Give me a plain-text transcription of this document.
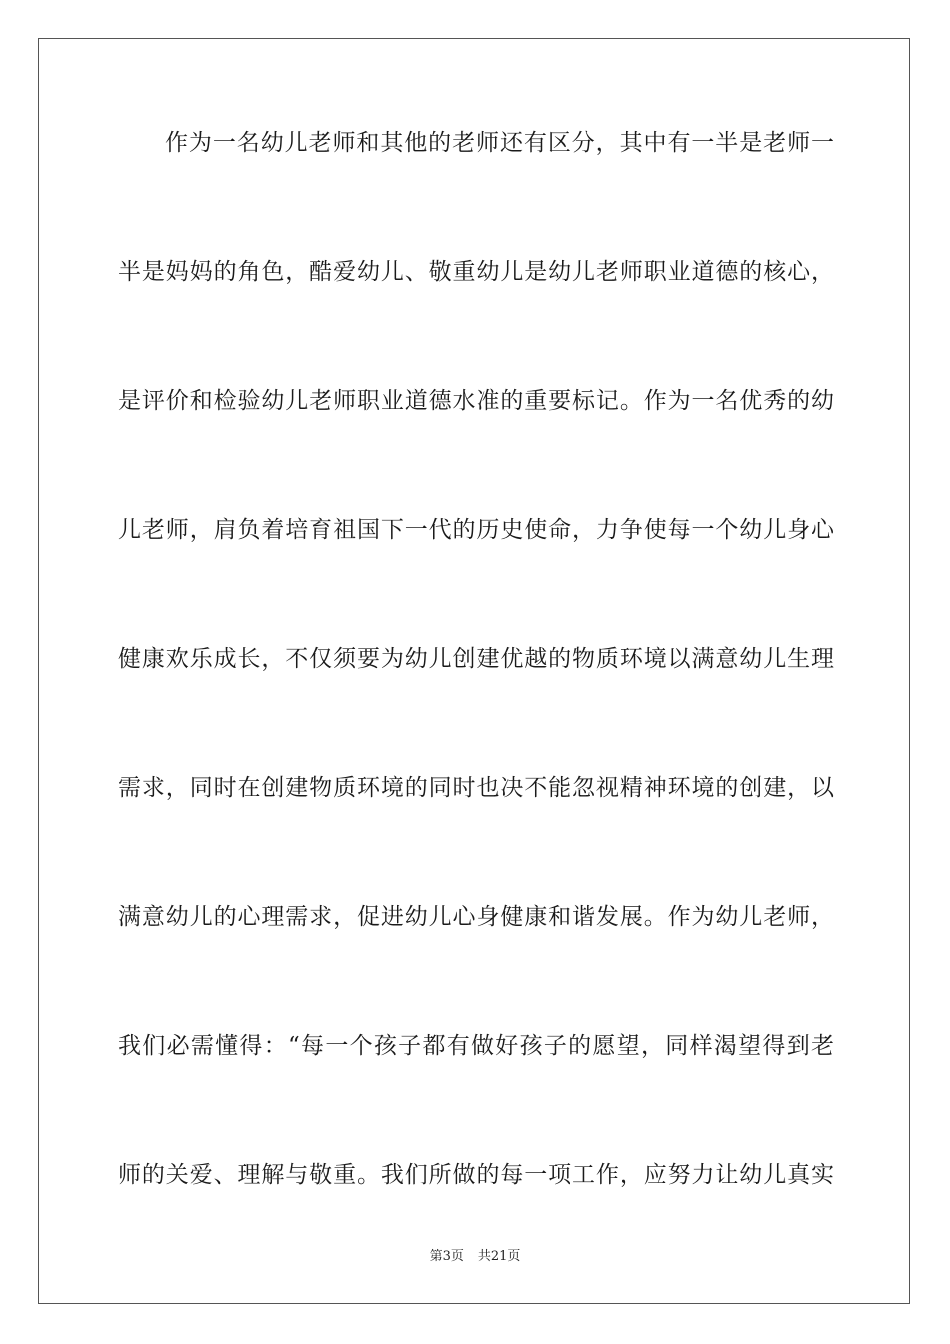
作为一名幼儿老师和其他的老师还有区分，其中有一半是老师一
半是妈妈的角色，酷爱幼儿、敬重幼儿是幼儿老师职业道德的核心，
是评价和检验幼儿老师职业道德水准的重要标记。作为一名优秀的幼
儿老师，肩负着培育祖国下一代的历史使命，力争使每一个幼儿身心
健康欢乐成长，不仅须要为幼儿创建优越的物质环境以满意幼儿生理
需求，同时在创建物质环境的同时也决不能忽视精神环境的创建，以
满意幼儿的心理需求，促进幼儿心身健康和谐发展。作为幼儿老师，
我们必需懂得：“每一个孩子都有做好孩子的愿望，同样渴望得到老
师的关爱、理解与敬重。我们所做的每一项工作，应努力让幼儿真实
第3页 共21页
